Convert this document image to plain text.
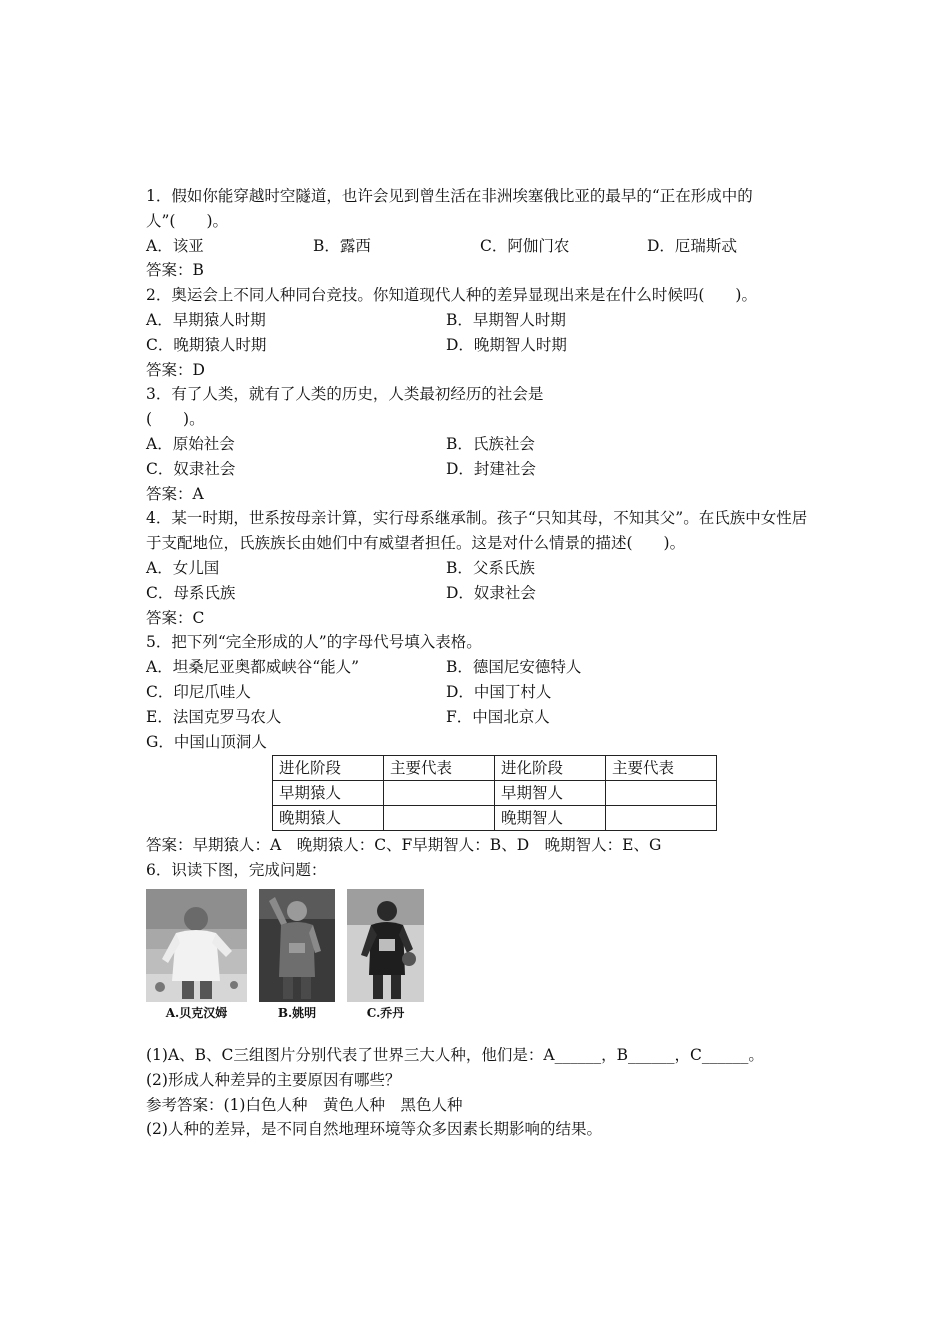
1．假如你能穿越时空隧道，也许会见到曾生活在非洲埃塞俄比亚的最早的“正在形成中的人”(　　)。
A．该亚	B．露西	C．阿伽门农	D．厄瑞斯忒
答案：B
2．奥运会上不同人种同台竞技。你知道现代人种的差异显现出来是在什么时候吗(　　)。
A．早期猿人时期	B．早期智人时期
C．晚期猿人时期	D．晚期智人时期
答案：D
3．有了人类，就有了人类的历史，人类最初经历的社会是
(　　)。
A．原始社会	B．氏族社会
C．奴隶社会	D．封建社会
答案：A
4．某一时期，世系按母亲计算，实行母系继承制。孩子“只知其母，不知其父”。在氏族中女性居于支配地位，氏族族长由她们中有威望者担任。这是对什么情景的描述(　　)。
A．女儿国	B．父系氏族
C．母系氏族	D．奴隶社会
答案：C
5．把下列“完全形成的人”的字母代号填入表格。
A．坦桑尼亚奥都威峡谷“能人”	B．德国尼安德特人
C．印尼爪哇人	D．中国丁村人
E．法国克罗马农人	F．中国北京人
G．中国山顶洞人
进化阶段	主要代表	进化阶段	主要代表
早期猿人		早期智人	
晚期猿人		晚期智人	
答案：早期猿人：A　晚期猿人：C、F早期智人：B、D　晚期智人：E、G
6．识读下图，完成问题：
A.贝克汉姆	B.姚明	C.乔丹
(1)A、B、C三组图片分别代表了世界三大人种，他们是：A______，B______，C______。
(2)形成人种差异的主要原因有哪些？
参考答案：(1)白色人种　黄色人种　黑色人种
(2)人种的差异，是不同自然地理环境等众多因素长期影响的结果。
